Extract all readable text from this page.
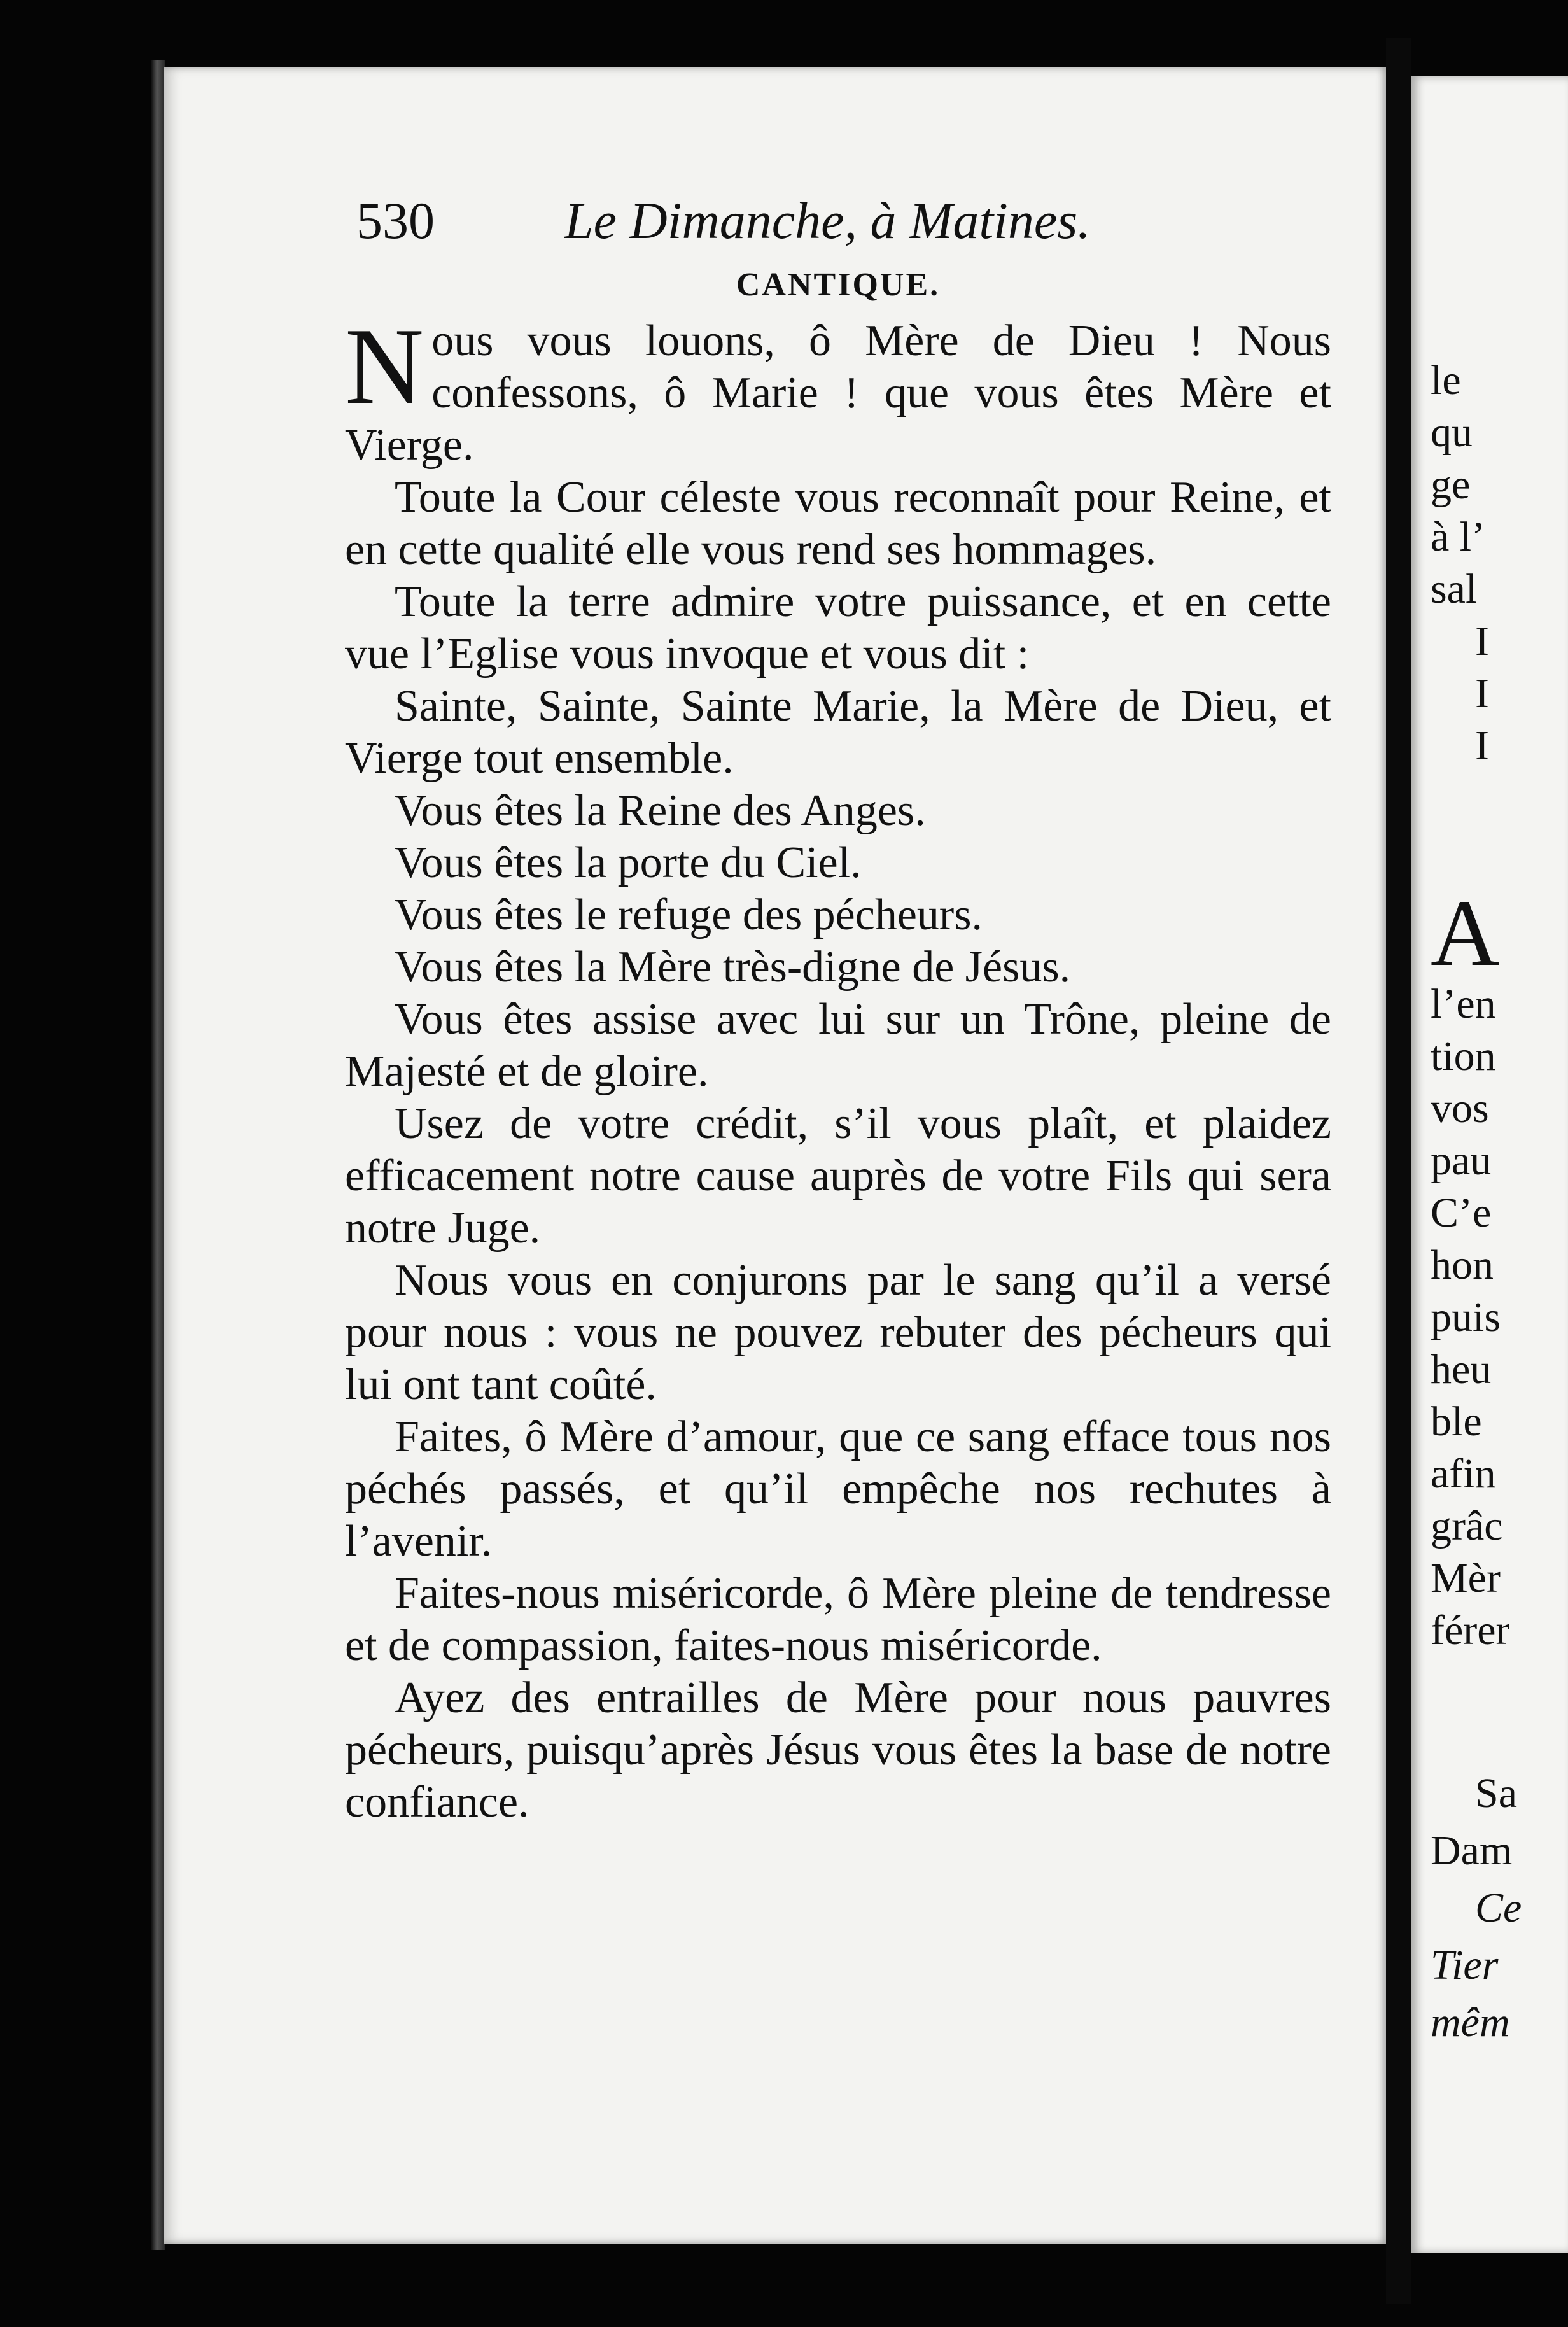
530 Le Dimanche, à Matines.
CANTIQUE.

N ous vous louons, ô Mère de Dieu ! Nous confessons, ô Marie ! que vous êtes Mère et Vierge.

Toute la Cour céleste vous reconnaît pour Reine, et en cette qualité elle vous rend ses hommages.

Toute la terre admire votre puissance, et en cette vue l’Eglise vous invoque et vous dit :

Sainte, Sainte, Sainte Marie, la Mère de Dieu, et Vierge tout ensemble.

Vous êtes la Reine des Anges.

Vous êtes la porte du Ciel.

Vous êtes le refuge des pécheurs.

Vous êtes la Mère très-digne de Jésus.

Vous êtes assise avec lui sur un Trône, pleine de Majesté et de gloire.

Usez de votre crédit, s’il vous plaît, et plaidez efficacement notre cause auprès de votre Fils qui sera notre Juge.

Nous vous en conjurons par le sang qu’il a versé pour nous : vous ne pouvez rebuter des pécheurs qui lui ont tant coûté.

Faites, ô Mère d’amour, que ce sang efface tous nos péchés passés, et qu’il empêche nos rechutes à l’avenir.

Faites-nous miséricorde, ô Mère pleine de tendresse et de compassion, faites-nous miséricorde.

Ayez des entrailles de Mère pour nous pauvres pécheurs, puisqu’après Jésus vous êtes la base de notre confiance.

le
qu
ge
à l’
sal
I
I
I
A
l’en
tion
vos
pau
C’e
hon
puis
heu
ble
afin
grâc
Mèr
férer
Sa
Dam
Ce
Tier
mêm
